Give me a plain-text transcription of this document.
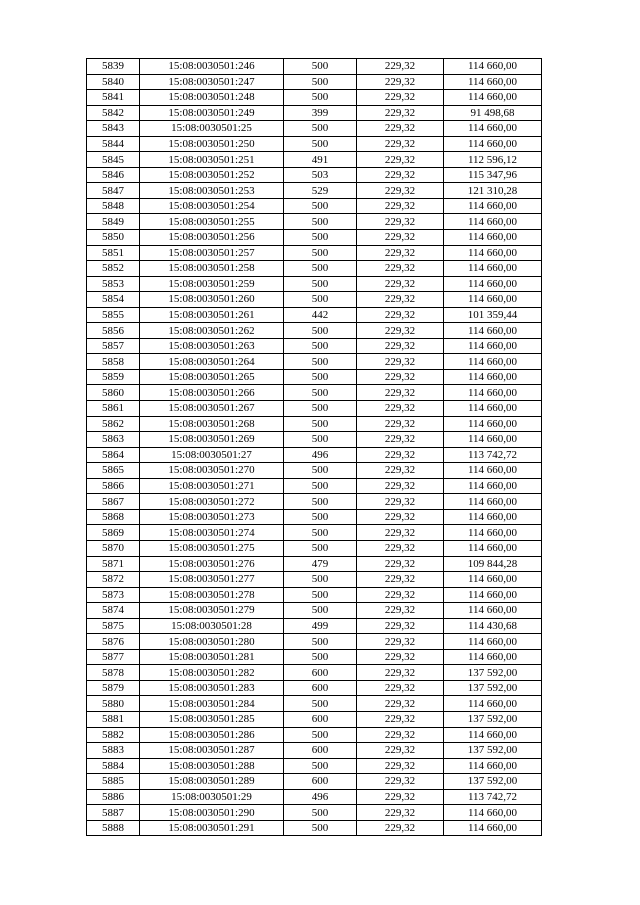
5839	15:08:0030501:246	500	229,32	114 660,00
5840	15:08:0030501:247	500	229,32	114 660,00
5841	15:08:0030501:248	500	229,32	114 660,00
5842	15:08:0030501:249	399	229,32	91 498,68
5843	15:08:0030501:25	500	229,32	114 660,00
5844	15:08:0030501:250	500	229,32	114 660,00
5845	15:08:0030501:251	491	229,32	112 596,12
5846	15:08:0030501:252	503	229,32	115 347,96
5847	15:08:0030501:253	529	229,32	121 310,28
5848	15:08:0030501:254	500	229,32	114 660,00
5849	15:08:0030501:255	500	229,32	114 660,00
5850	15:08:0030501:256	500	229,32	114 660,00
5851	15:08:0030501:257	500	229,32	114 660,00
5852	15:08:0030501:258	500	229,32	114 660,00
5853	15:08:0030501:259	500	229,32	114 660,00
5854	15:08:0030501:260	500	229,32	114 660,00
5855	15:08:0030501:261	442	229,32	101 359,44
5856	15:08:0030501:262	500	229,32	114 660,00
5857	15:08:0030501:263	500	229,32	114 660,00
5858	15:08:0030501:264	500	229,32	114 660,00
5859	15:08:0030501:265	500	229,32	114 660,00
5860	15:08:0030501:266	500	229,32	114 660,00
5861	15:08:0030501:267	500	229,32	114 660,00
5862	15:08:0030501:268	500	229,32	114 660,00
5863	15:08:0030501:269	500	229,32	114 660,00
5864	15:08:0030501:27	496	229,32	113 742,72
5865	15:08:0030501:270	500	229,32	114 660,00
5866	15:08:0030501:271	500	229,32	114 660,00
5867	15:08:0030501:272	500	229,32	114 660,00
5868	15:08:0030501:273	500	229,32	114 660,00
5869	15:08:0030501:274	500	229,32	114 660,00
5870	15:08:0030501:275	500	229,32	114 660,00
5871	15:08:0030501:276	479	229,32	109 844,28
5872	15:08:0030501:277	500	229,32	114 660,00
5873	15:08:0030501:278	500	229,32	114 660,00
5874	15:08:0030501:279	500	229,32	114 660,00
5875	15:08:0030501:28	499	229,32	114 430,68
5876	15:08:0030501:280	500	229,32	114 660,00
5877	15:08:0030501:281	500	229,32	114 660,00
5878	15:08:0030501:282	600	229,32	137 592,00
5879	15:08:0030501:283	600	229,32	137 592,00
5880	15:08:0030501:284	500	229,32	114 660,00
5881	15:08:0030501:285	600	229,32	137 592,00
5882	15:08:0030501:286	500	229,32	114 660,00
5883	15:08:0030501:287	600	229,32	137 592,00
5884	15:08:0030501:288	500	229,32	114 660,00
5885	15:08:0030501:289	600	229,32	137 592,00
5886	15:08:0030501:29	496	229,32	113 742,72
5887	15:08:0030501:290	500	229,32	114 660,00
5888	15:08:0030501:291	500	229,32	114 660,00
